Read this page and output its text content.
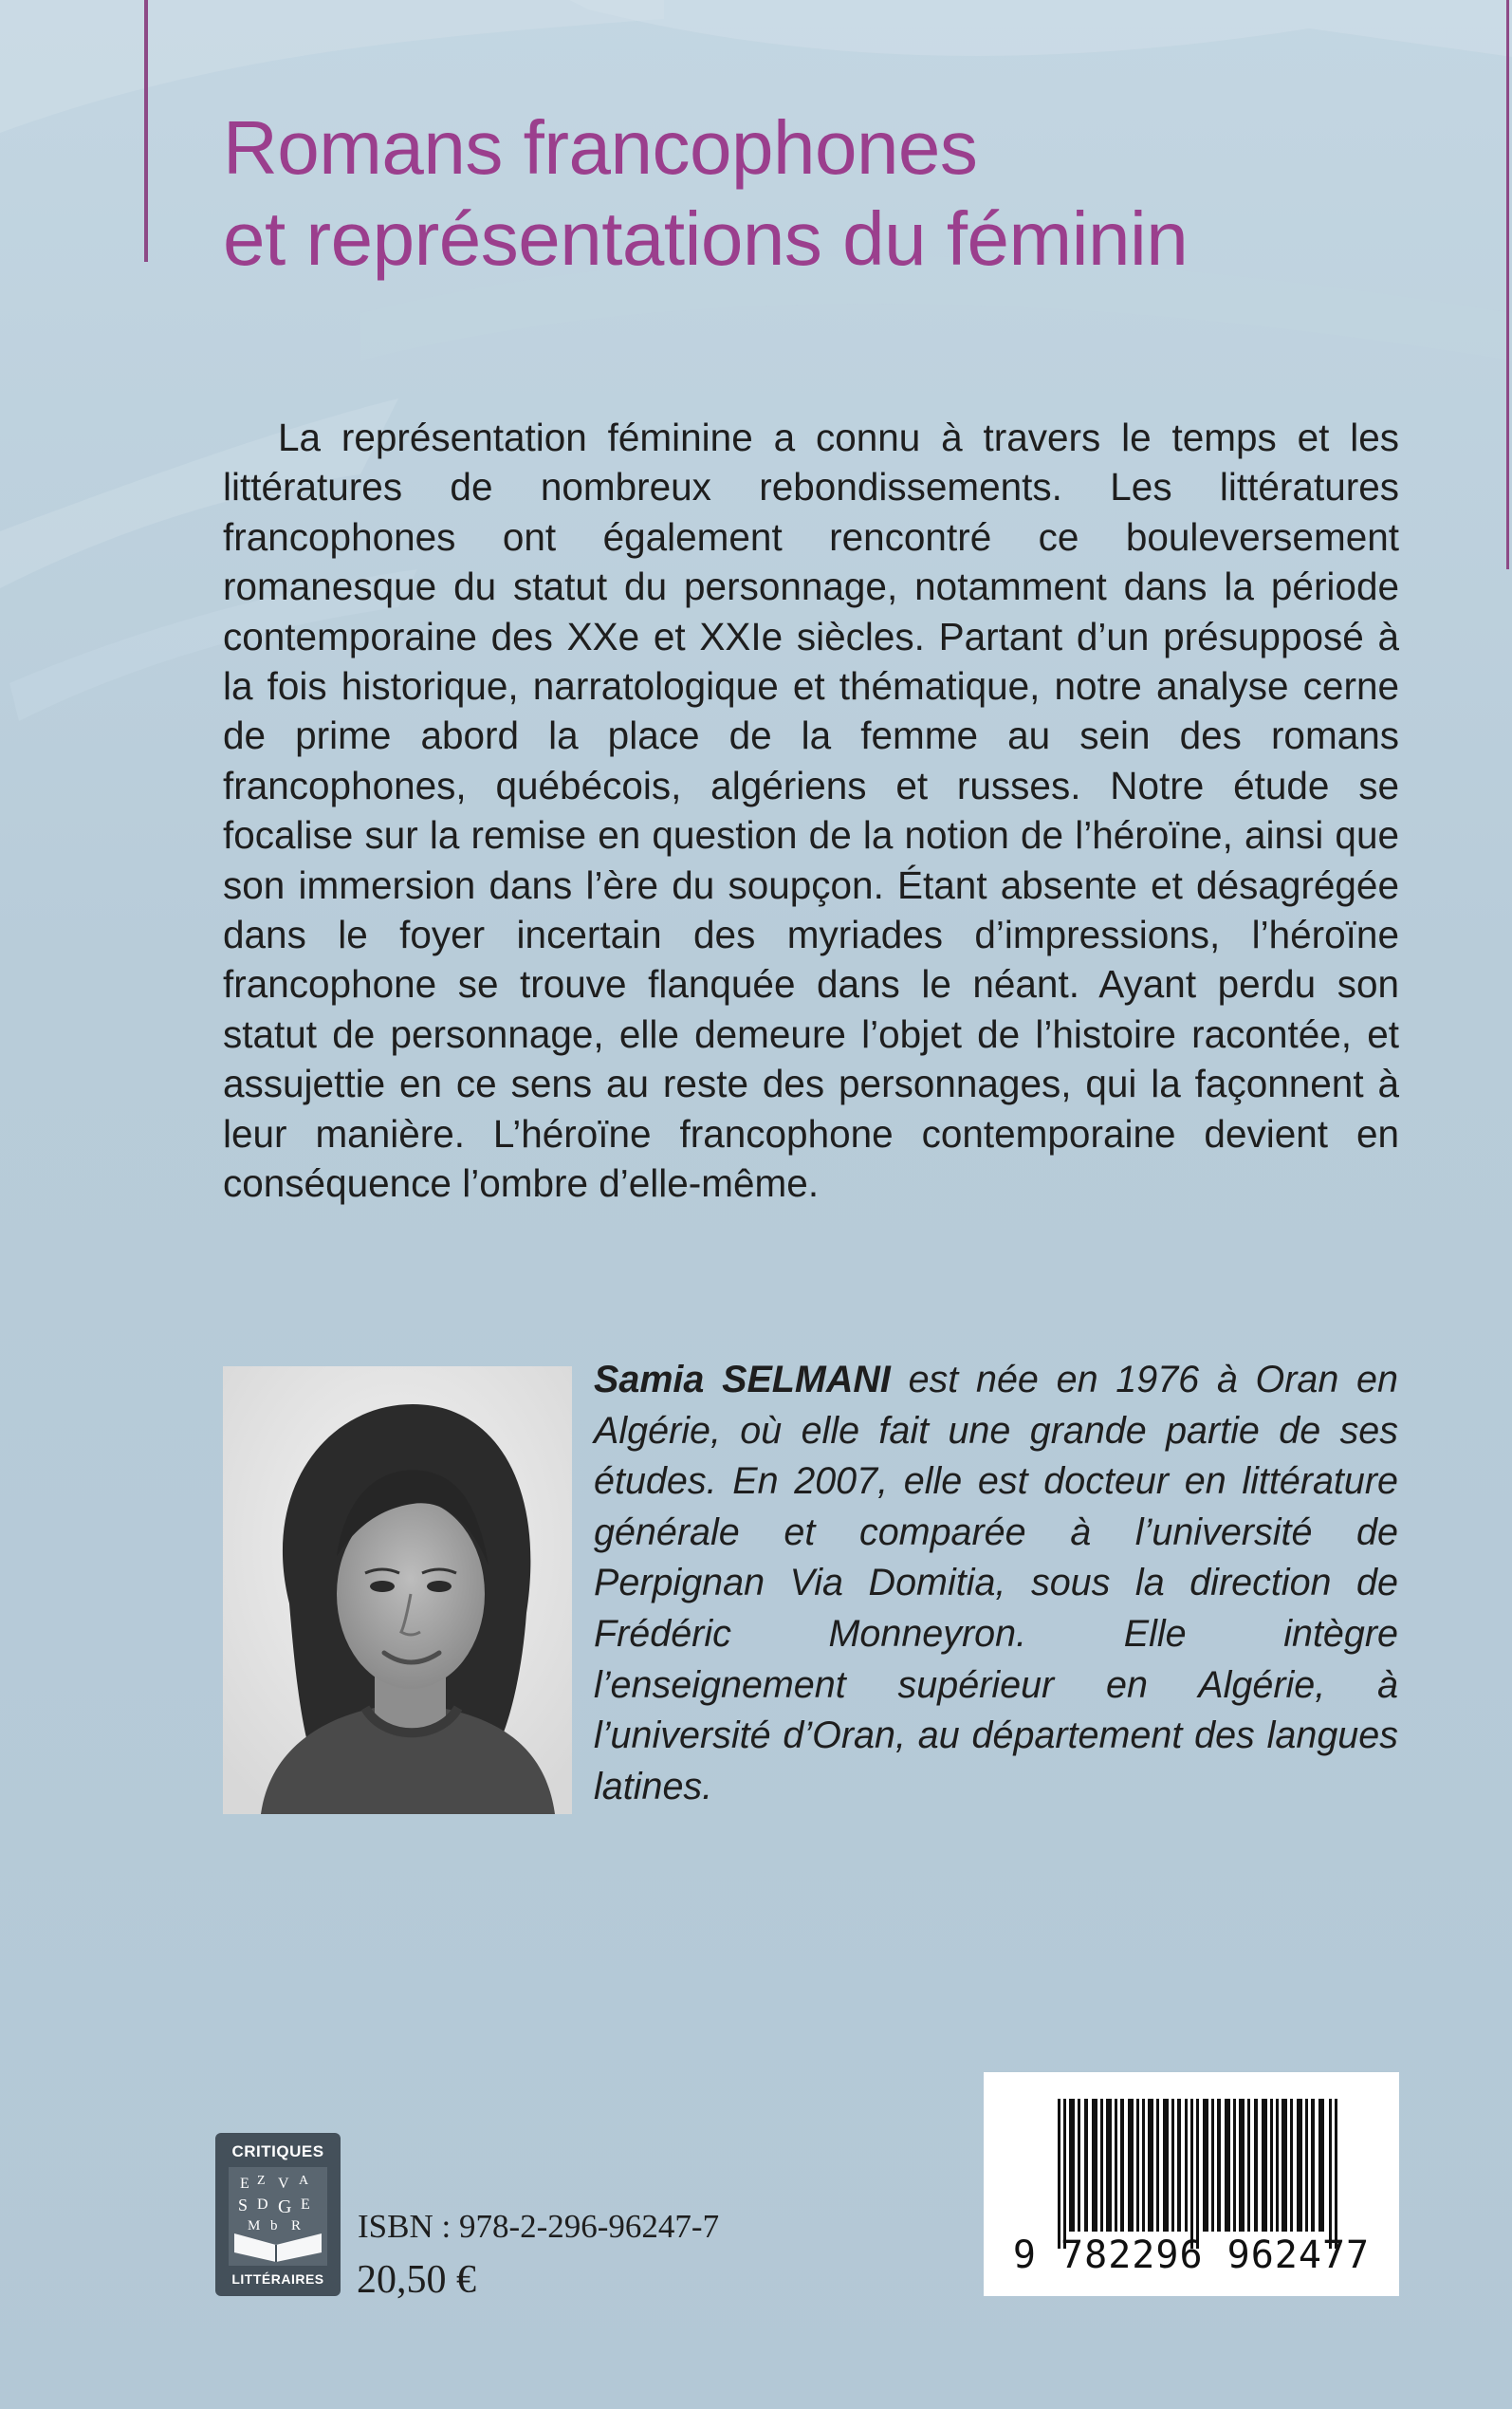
Romans francophones
et représentations du féminin

La représentation féminine a connu à travers le temps et les littératures de nombreux rebondissements. Les littératures francophones ont également rencontré ce bouleversement romanesque du statut du personnage, notamment dans la période contemporaine des XXe et XXIe siècles. Partant d’un présupposé à la fois historique, narratologique et thématique, notre analyse cerne de prime abord la place de la femme au sein des romans francophones, québécois, algériens et russes. Notre étude se focalise sur la remise en question de la notion de l’héroïne, ainsi que son immersion dans l’ère du soupçon. Étant absente et désagrégée dans le foyer incertain des myriades d’impressions, l’héroïne francophone se trouve flanquée dans le néant. Ayant perdu son statut de personnage, elle demeure l’objet de l’histoire racontée, et assujettie en ce sens au reste des personnages, qui la façonnent à leur manière. L’héroïne francophone contemporaine devient en conséquence l’ombre d’elle-même.

Samia SELMANI est née en 1976 à Oran en Algérie, où elle fait une grande partie de ses études. En 2007, elle est docteur en littérature générale et comparée à l’université de Perpignan Via Domitia, sous la direction de Frédéric Monneyron. Elle intègre l’enseignement supérieur en Algérie, à l’université d’Oran, au département des langues latines.

CRITIQUES
E Z V A
S D G E
M b R
LITTÉRAIRES
ISBN : 978-2-296-96247-7
20,50 €
9 782296 962477
